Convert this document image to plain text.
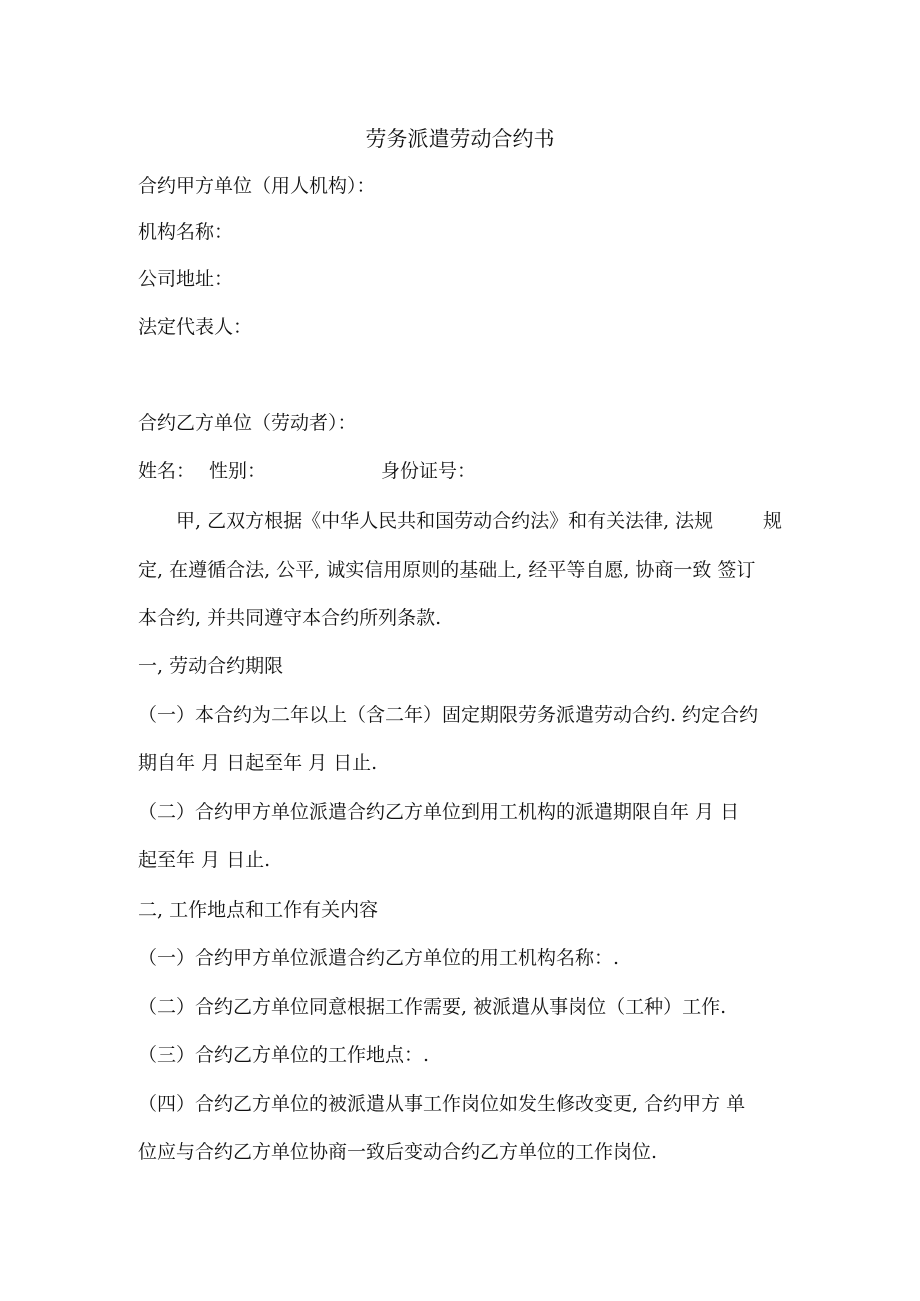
劳务派遣劳动合约书
合约甲方单位（用人机构）：
机构名称：
公司地址：
法定代表人：
合约乙方单位（劳动者）：
姓名： 性别：	身份证号：
甲, 乙双方根据《中华人民共和国劳动合约法》和有关法律, 法规	规
定, 在遵循合法, 公平, 诚实信用原则的基础上, 经平等自愿, 协商一致 签订
本合约, 并共同遵守本合约所列条款.
一, 劳动合约期限
（一）本合约为二年以上（含二年）固定期限劳务派遣劳动合约. 约定合约
期自年 月 日起至年 月 日止.
（二）合约甲方单位派遣合约乙方单位到用工机构的派遣期限自年 月 日
起至年 月 日止.
二, 工作地点和工作有关内容
（一）合约甲方单位派遣合约乙方单位的用工机构名称：.
（二）合约乙方单位同意根据工作需要, 被派遣从事岗位（工种）工作.
（三）合约乙方单位的工作地点：.
（四）合约乙方单位的被派遣从事工作岗位如发生修改变更, 合约甲方 单
位应与合约乙方单位协商一致后变动合约乙方单位的工作岗位.
